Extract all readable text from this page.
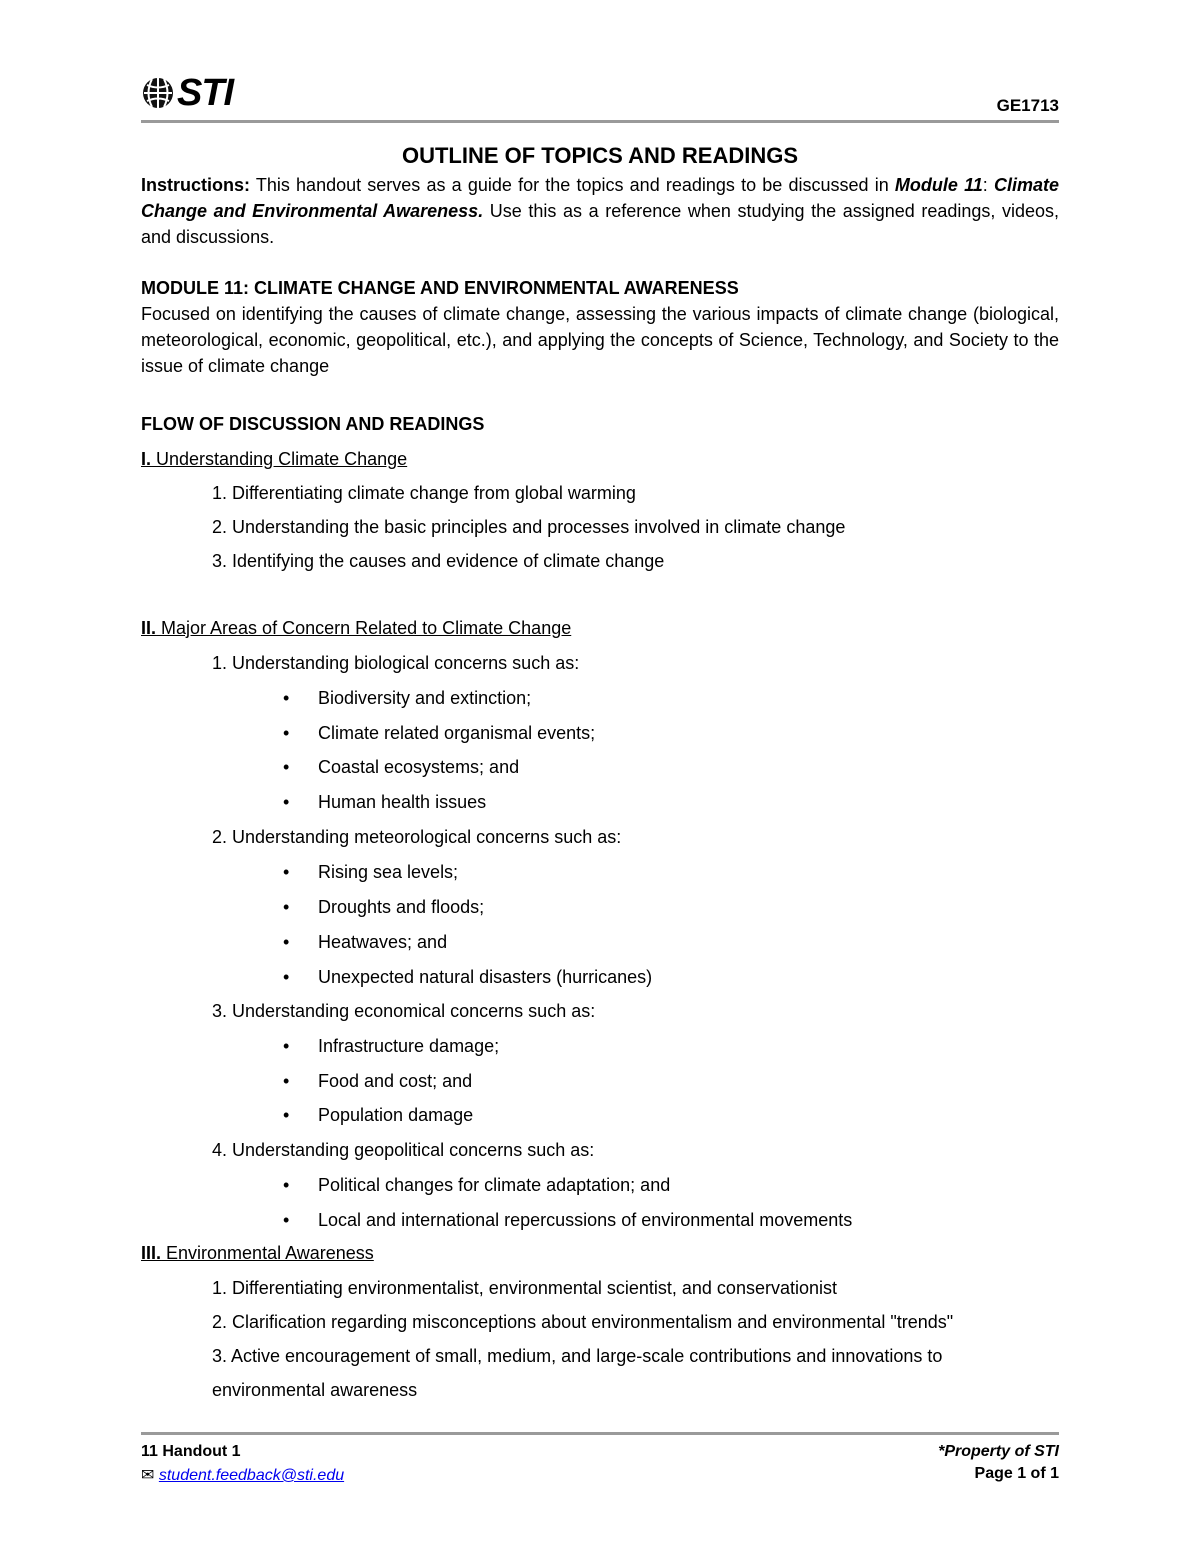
STI	GE1713
OUTLINE OF TOPICS AND READINGS
Instructions: This handout serves as a guide for the topics and readings to be discussed in Module 11: Climate Change and Environmental Awareness. Use this as a reference when studying the assigned readings, videos, and discussions.
MODULE 11: CLIMATE CHANGE AND ENVIRONMENTAL AWARENESS
Focused on identifying the causes of climate change, assessing the various impacts of climate change (biological, meteorological, economic, geopolitical, etc.), and applying the concepts of Science, Technology, and Society to the issue of climate change
FLOW OF DISCUSSION AND READINGS
I. Understanding Climate Change
1. Differentiating climate change from global warming
2. Understanding the basic principles and processes involved in climate change
3. Identifying the causes and evidence of climate change
II. Major Areas of Concern Related to Climate Change
1. Understanding biological concerns such as:
• Biodiversity and extinction;
• Climate related organismal events;
• Coastal ecosystems; and
• Human health issues
2. Understanding meteorological concerns such as:
• Rising sea levels;
• Droughts and floods;
• Heatwaves; and
• Unexpected natural disasters (hurricanes)
3. Understanding economical concerns such as:
• Infrastructure damage;
• Food and cost; and
• Population damage
4. Understanding geopolitical concerns such as:
• Political changes for climate adaptation; and
• Local and international repercussions of environmental movements
III. Environmental Awareness
1. Differentiating environmentalist, environmental scientist, and conservationist
2. Clarification regarding misconceptions about environmentalism and environmental "trends"
3. Active encouragement of small, medium, and large-scale contributions and innovations to
environmental awareness
11 Handout 1
✉ student.feedback@sti.edu
*Property of STI
Page 1 of 1
